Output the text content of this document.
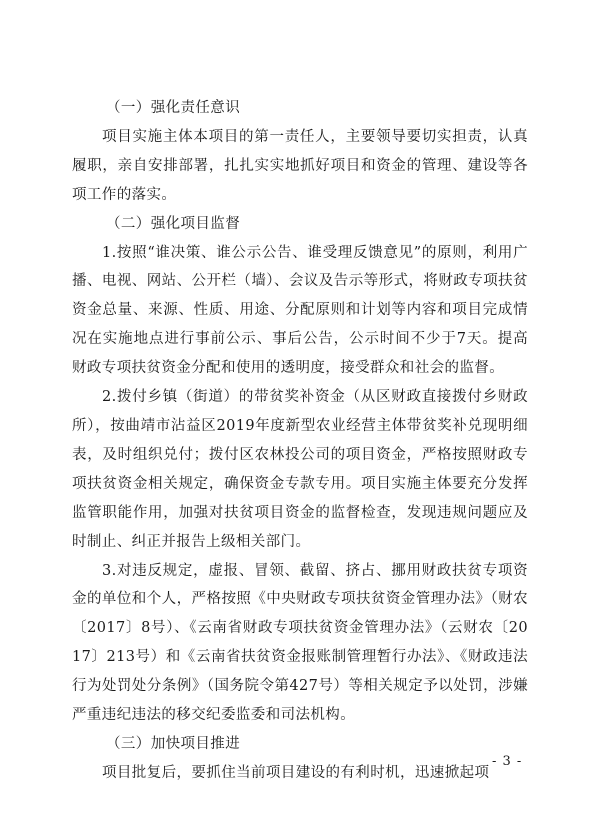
（一）强化责任意识

项目实施主体本项目的第一责任人，主要领导要切实担责，认真履职，亲自安排部署，扎扎实实地抓好项目和资金的管理、建设等各项工作的落实。

（二）强化项目监督

1.按照“谁决策、谁公示公告、谁受理反馈意见”的原则，利用广播、电视、网站、公开栏（墙）、会议及告示等形式，将财政专项扶贫资金总量、来源、性质、用途、分配原则和计划等内容和项目完成情况在实施地点进行事前公示、事后公告，公示时间不少于7天。提高财政专项扶贫资金分配和使用的透明度，接受群众和社会的监督。

2.拨付乡镇（街道）的带贫奖补资金（从区财政直接拨付乡财政所），按曲靖市沾益区2019年度新型农业经营主体带贫奖补兑现明细表，及时组织兑付；拨付区农林投公司的项目资金，严格按照财政专项扶贫资金相关规定，确保资金专款专用。项目实施主体要充分发挥监管职能作用，加强对扶贫项目资金的监督检查，发现违规问题应及时制止、纠正并报告上级相关部门。

3.对违反规定，虚报、冒领、截留、挤占、挪用财政扶贫专项资金的单位和个人，严格按照《中央财政专项扶贫资金管理办法》（财农〔2017〕8号）、《云南省财政专项扶贫资金管理办法》（云财农〔2017〕213号）和《云南省扶贫资金报账制管理暂行办法》、《财政违法行为处罚处分条例》（国务院令第427号）等相关规定予以处罚，涉嫌严重违纪违法的移交纪委监委和司法机构。

（三）加快项目推进

项目批复后，要抓住当前项目建设的有利时机，迅速掀起项

- 3 -
